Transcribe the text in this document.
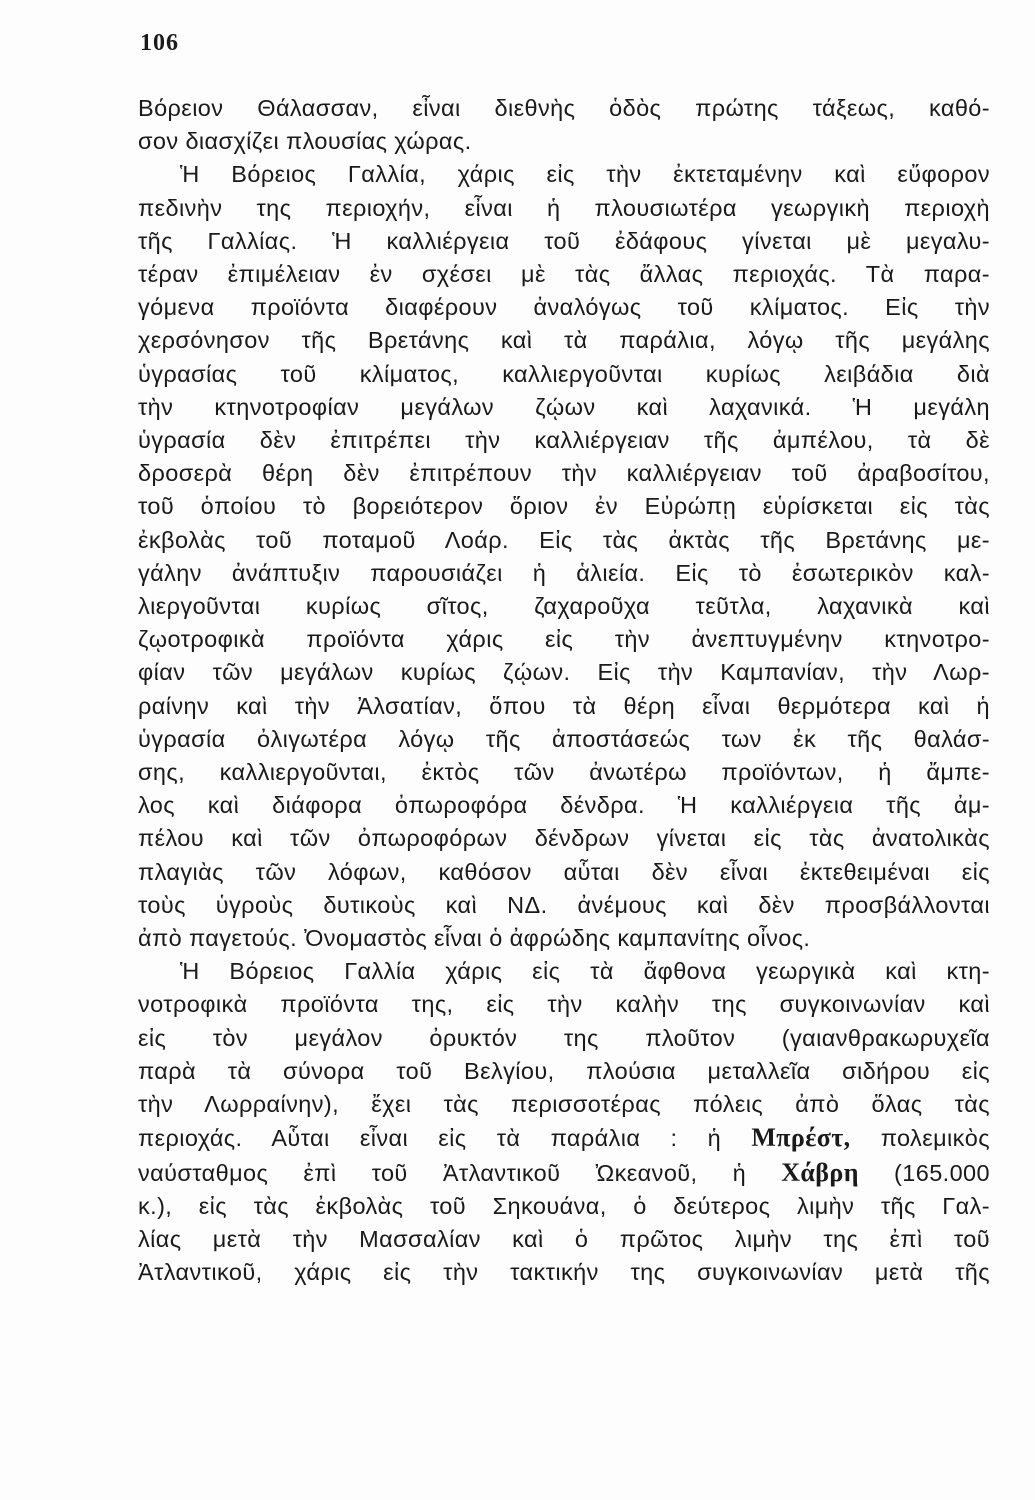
106
Βόρειον Θάλασσαν, εἶναι διεθνὴς ὁδὸς πρώτης τάξεως, καθό-
σον διασχίζει πλουσίας χώρας.
Ἡ Βόρειος Γαλλία, χάρις εἰς τὴν ἐκτεταμένην καὶ εὔφορον
πεδινὴν της περιοχήν, εἶναι ἡ πλουσιωτέρα γεωργικὴ περιοχὴ
τῆς Γαλλίας. Ἡ καλλιέργεια τοῦ ἐδάφους γίνεται μὲ μεγαλυ-
τέραν ἐπιμέλειαν ἐν σχέσει μὲ τὰς ἄλλας περιοχάς. Τὰ παρα-
γόμενα προϊόντα διαφέρουν ἀναλόγως τοῦ κλίματος. Εἰς τὴν
χερσόνησον τῆς Βρετάνης καὶ τὰ παράλια, λόγῳ τῆς μεγάλης
ὑγρασίας τοῦ κλίματος, καλλιεργοῦνται κυρίως λειβάδια διὰ
τὴν κτηνοτροφίαν μεγάλων ζῴων καὶ λαχανικά. Ἡ μεγάλη
ὑγρασία δὲν ἐπιτρέπει τὴν καλλιέργειαν τῆς ἀμπέλου, τὰ δὲ
δροσερὰ θέρη δὲν ἐπιτρέπουν τὴν καλλιέργειαν τοῦ ἀραβοσίτου,
τοῦ ὁποίου τὸ βορειότερον ὅριον ἐν Εὐρώπῃ εὑρίσκεται εἰς τὰς
ἐκβολὰς τοῦ ποταμοῦ Λοάρ. Εἰς τὰς ἀκτὰς τῆς Βρετάνης με-
γάλην ἀνάπτυξιν παρουσιάζει ἡ ἁλιεία. Εἰς τὸ ἐσωτερικὸν καλ-
λιεργοῦνται κυρίως σῖτος, ζαχαροῦχα τεῦτλα, λαχανικὰ καὶ
ζῳοτροφικὰ προϊόντα χάρις εἰς τὴν ἀνεπτυγμένην κτηνοτρο-
φίαν τῶν μεγάλων κυρίως ζῴων. Εἰς τὴν Καμπανίαν, τὴν Λωρ-
ραίνην καὶ τὴν Ἀλσατίαν, ὅπου τὰ θέρη εἶναι θερμότερα καὶ ἡ
ὑγρασία ὀλιγωτέρα λόγῳ τῆς ἀποστάσεώς των ἐκ τῆς θαλάσ-
σης, καλλιεργοῦνται, ἐκτὸς τῶν ἀνωτέρω προϊόντων, ἡ ἄμπε-
λος καὶ διάφορα ὀπωροφόρα δένδρα. Ἡ καλλιέργεια τῆς ἀμ-
πέλου καὶ τῶν ὀπωροφόρων δένδρων γίνεται εἰς τὰς ἀνατολικὰς
πλαγιὰς τῶν λόφων, καθόσον αὗται δὲν εἶναι ἐκτεθειμέναι εἰς
τοὺς ὑγροὺς δυτικοὺς καὶ ΝΔ. ἀνέμους καὶ δὲν προσβάλλονται
ἀπὸ παγετούς. Ὀνομαστὸς εἶναι ὁ ἀφρώδης καμπανίτης οἶνος.
Ἡ Βόρειος Γαλλία χάρις εἰς τὰ ἄφθονα γεωργικὰ καὶ κτη-
νοτροφικὰ προϊόντα της, εἰς τὴν καλὴν της συγκοινωνίαν καὶ
εἰς τὸν μεγάλον ὀρυκτόν της πλοῦτον (γαιανθρακωρυχεῖα
παρὰ τὰ σύνορα τοῦ Βελγίου, πλούσια μεταλλεῖα σιδήρου εἰς
τὴν Λωρραίνην), ἔχει τὰς περισσοτέρας πόλεις ἀπὸ ὅλας τὰς
περιοχάς. Αὗται εἶναι εἰς τὰ παράλια : ἡ Μπρέστ, πολεμικὸς
ναύσταθμος ἐπὶ τοῦ Ἀτλαντικοῦ Ὠκεανοῦ, ἡ Χάβρη (165.000
κ.), εἰς τὰς ἐκβολὰς τοῦ Σηκουάνα, ὁ δεύτερος λιμὴν τῆς Γαλ-
λίας μετὰ τὴν Μασσαλίαν καὶ ὁ πρῶτος λιμὴν της ἐπὶ τοῦ
Ἀτλαντικοῦ, χάρις εἰς τὴν τακτικήν της συγκοινωνίαν μετὰ τῆς
